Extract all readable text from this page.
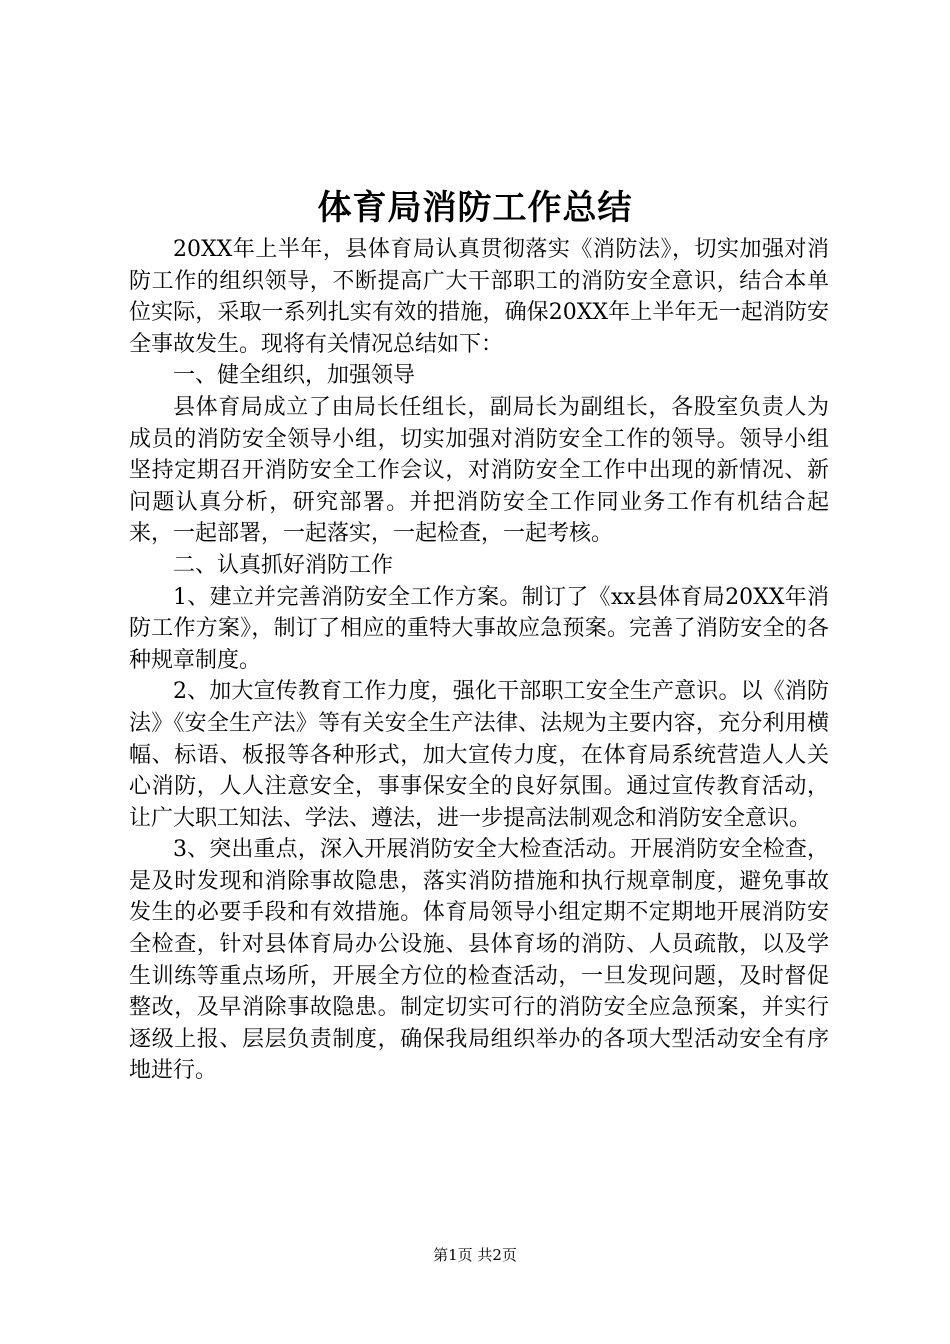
体育局消防工作总结

20XX年上半年，县体育局认真贯彻落实《消防法》，切实加强对消防工作的组织领导，不断提高广大干部职工的消防安全意识，结合本单位实际，采取一系列扎实有效的措施，确保20XX年上半年无一起消防安全事故发生。现将有关情况总结如下：

一、健全组织，加强领导

县体育局成立了由局长任组长，副局长为副组长，各股室负责人为成员的消防安全领导小组，切实加强对消防安全工作的领导。领导小组坚持定期召开消防安全工作会议，对消防安全工作中出现的新情况、新问题认真分析，研究部署。并把消防安全工作同业务工作有机结合起来，一起部署，一起落实，一起检查，一起考核。

二、认真抓好消防工作

1、建立并完善消防安全工作方案。制订了《xx县体育局20XX年消防工作方案》，制订了相应的重特大事故应急预案。完善了消防安全的各种规章制度。

2、加大宣传教育工作力度，强化干部职工安全生产意识。以《消防法》《安全生产法》等有关安全生产法律、法规为主要内容，充分利用横幅、标语、板报等各种形式，加大宣传力度，在体育局系统营造人人关心消防，人人注意安全，事事保安全的良好氛围。通过宣传教育活动，让广大职工知法、学法、遵法，进一步提高法制观念和消防安全意识。

3、突出重点，深入开展消防安全大检查活动。开展消防安全检查，是及时发现和消除事故隐患，落实消防措施和执行规章制度，避免事故发生的必要手段和有效措施。体育局领导小组定期不定期地开展消防安全检查，针对县体育局办公设施、县体育场的消防、人员疏散，以及学生训练等重点场所，开展全方位的检查活动，一旦发现问题，及时督促整改，及早消除事故隐患。制定切实可行的消防安全应急预案，并实行逐级上报、层层负责制度，确保我局组织举办的各项大型活动安全有序地进行。

第1页 共2页
